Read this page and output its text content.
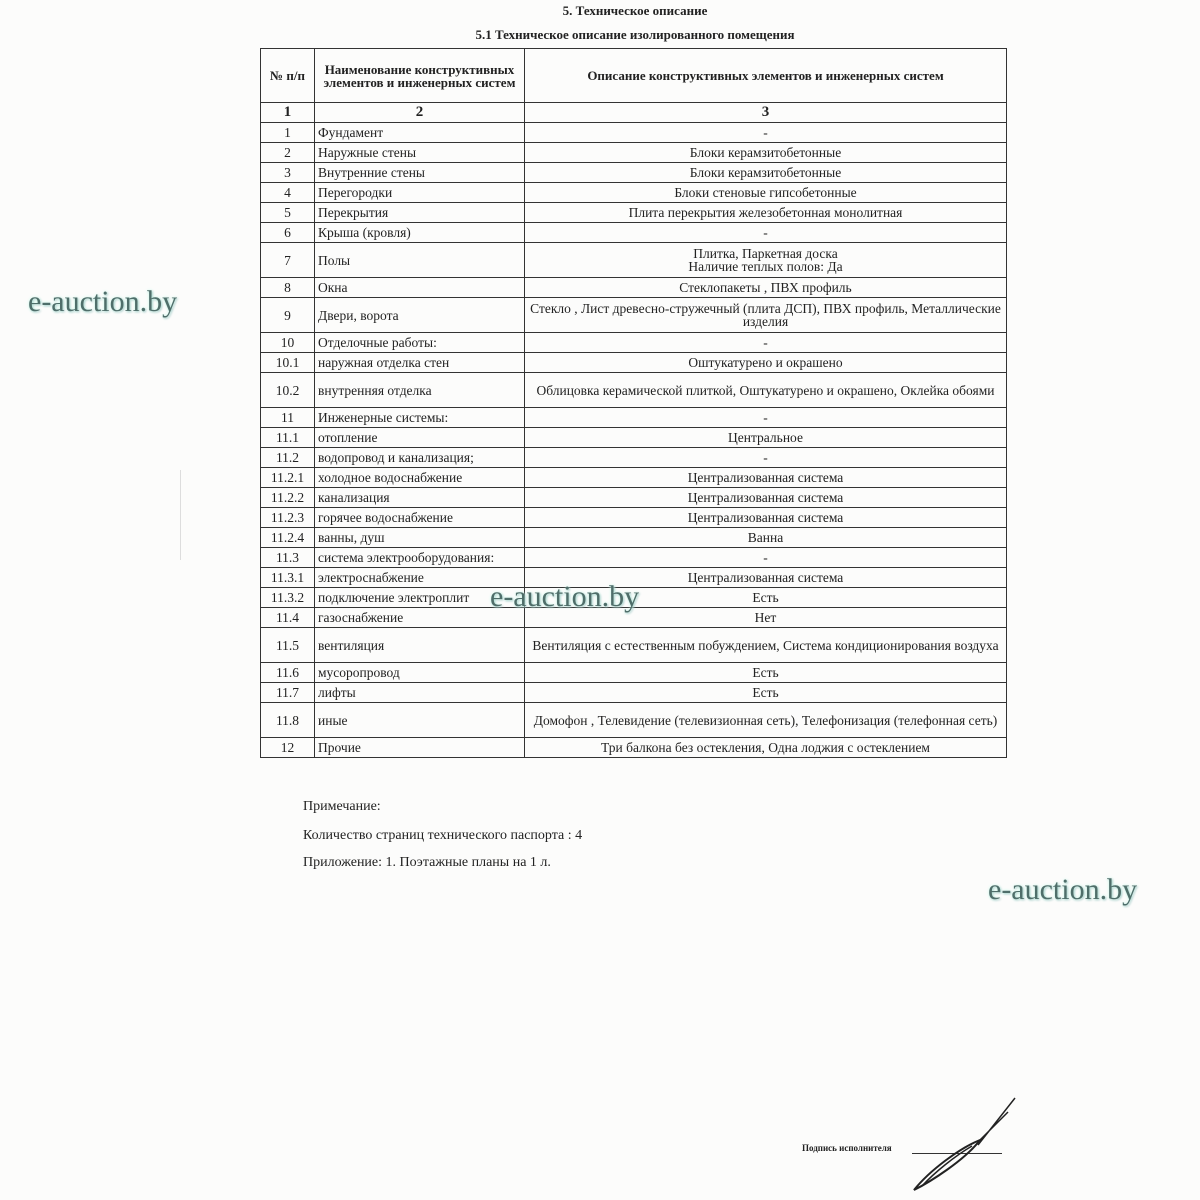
5. Техническое описание
5.1 Техническое описание изолированного помещения
№ п/п	Наименование конструктивных элементов и инженерных систем	Описание конструктивных элементов и инженерных систем
1	2	3
1	Фундамент	-
2	Наружные стены	Блоки керамзитобетонные
3	Внутренние стены	Блоки керамзитобетонные
4	Перегородки	Блоки стеновые гипсобетонные
5	Перекрытия	Плита перекрытия железобетонная монолитная
6	Крыша (кровля)	-
7	Полы	Плитка, Паркетная доска
Наличие теплых полов: Да
8	Окна	Стеклопакеты , ПВХ профиль
9	Двери, ворота	Стекло , Лист древесно-стружечный (плита ДСП), ПВХ профиль, Металлические изделия
10	Отделочные работы:	-
10.1	наружная отделка стен	Оштукатурено и окрашено
10.2	внутренняя отделка	Облицовка керамической плиткой, Оштукатурено и окрашено, Оклейка обоями
11	Инженерные системы:	-
11.1	отопление	Центральное
11.2	водопровод и канализация;	-
11.2.1	холодное водоснабжение	Централизованная система
11.2.2	канализация	Централизованная система
11.2.3	горячее водоснабжение	Централизованная система
11.2.4	ванны, душ	Ванна
11.3	система электрооборудования:	-
11.3.1	электроснабжение	Централизованная система
11.3.2	подключение электроплит	Есть
11.4	газоснабжение	Нет
11.5	вентиляция	Вентиляция с естественным побуждением, Система кондиционирования воздуха
11.6	мусоропровод	Есть
11.7	лифты	Есть
11.8	иные	Домофон , Телевидение (телевизионная сеть), Телефонизация (телефонная сеть)
12	Прочие	Три балкона без остекления, Одна лоджия с остеклением
Примечание:
Количество страниц технического паспорта : 4
Приложение: 1. Поэтажные планы на 1 л.
e-auction.by
e-auction.by
e-auction.by
Подпись исполнителя
